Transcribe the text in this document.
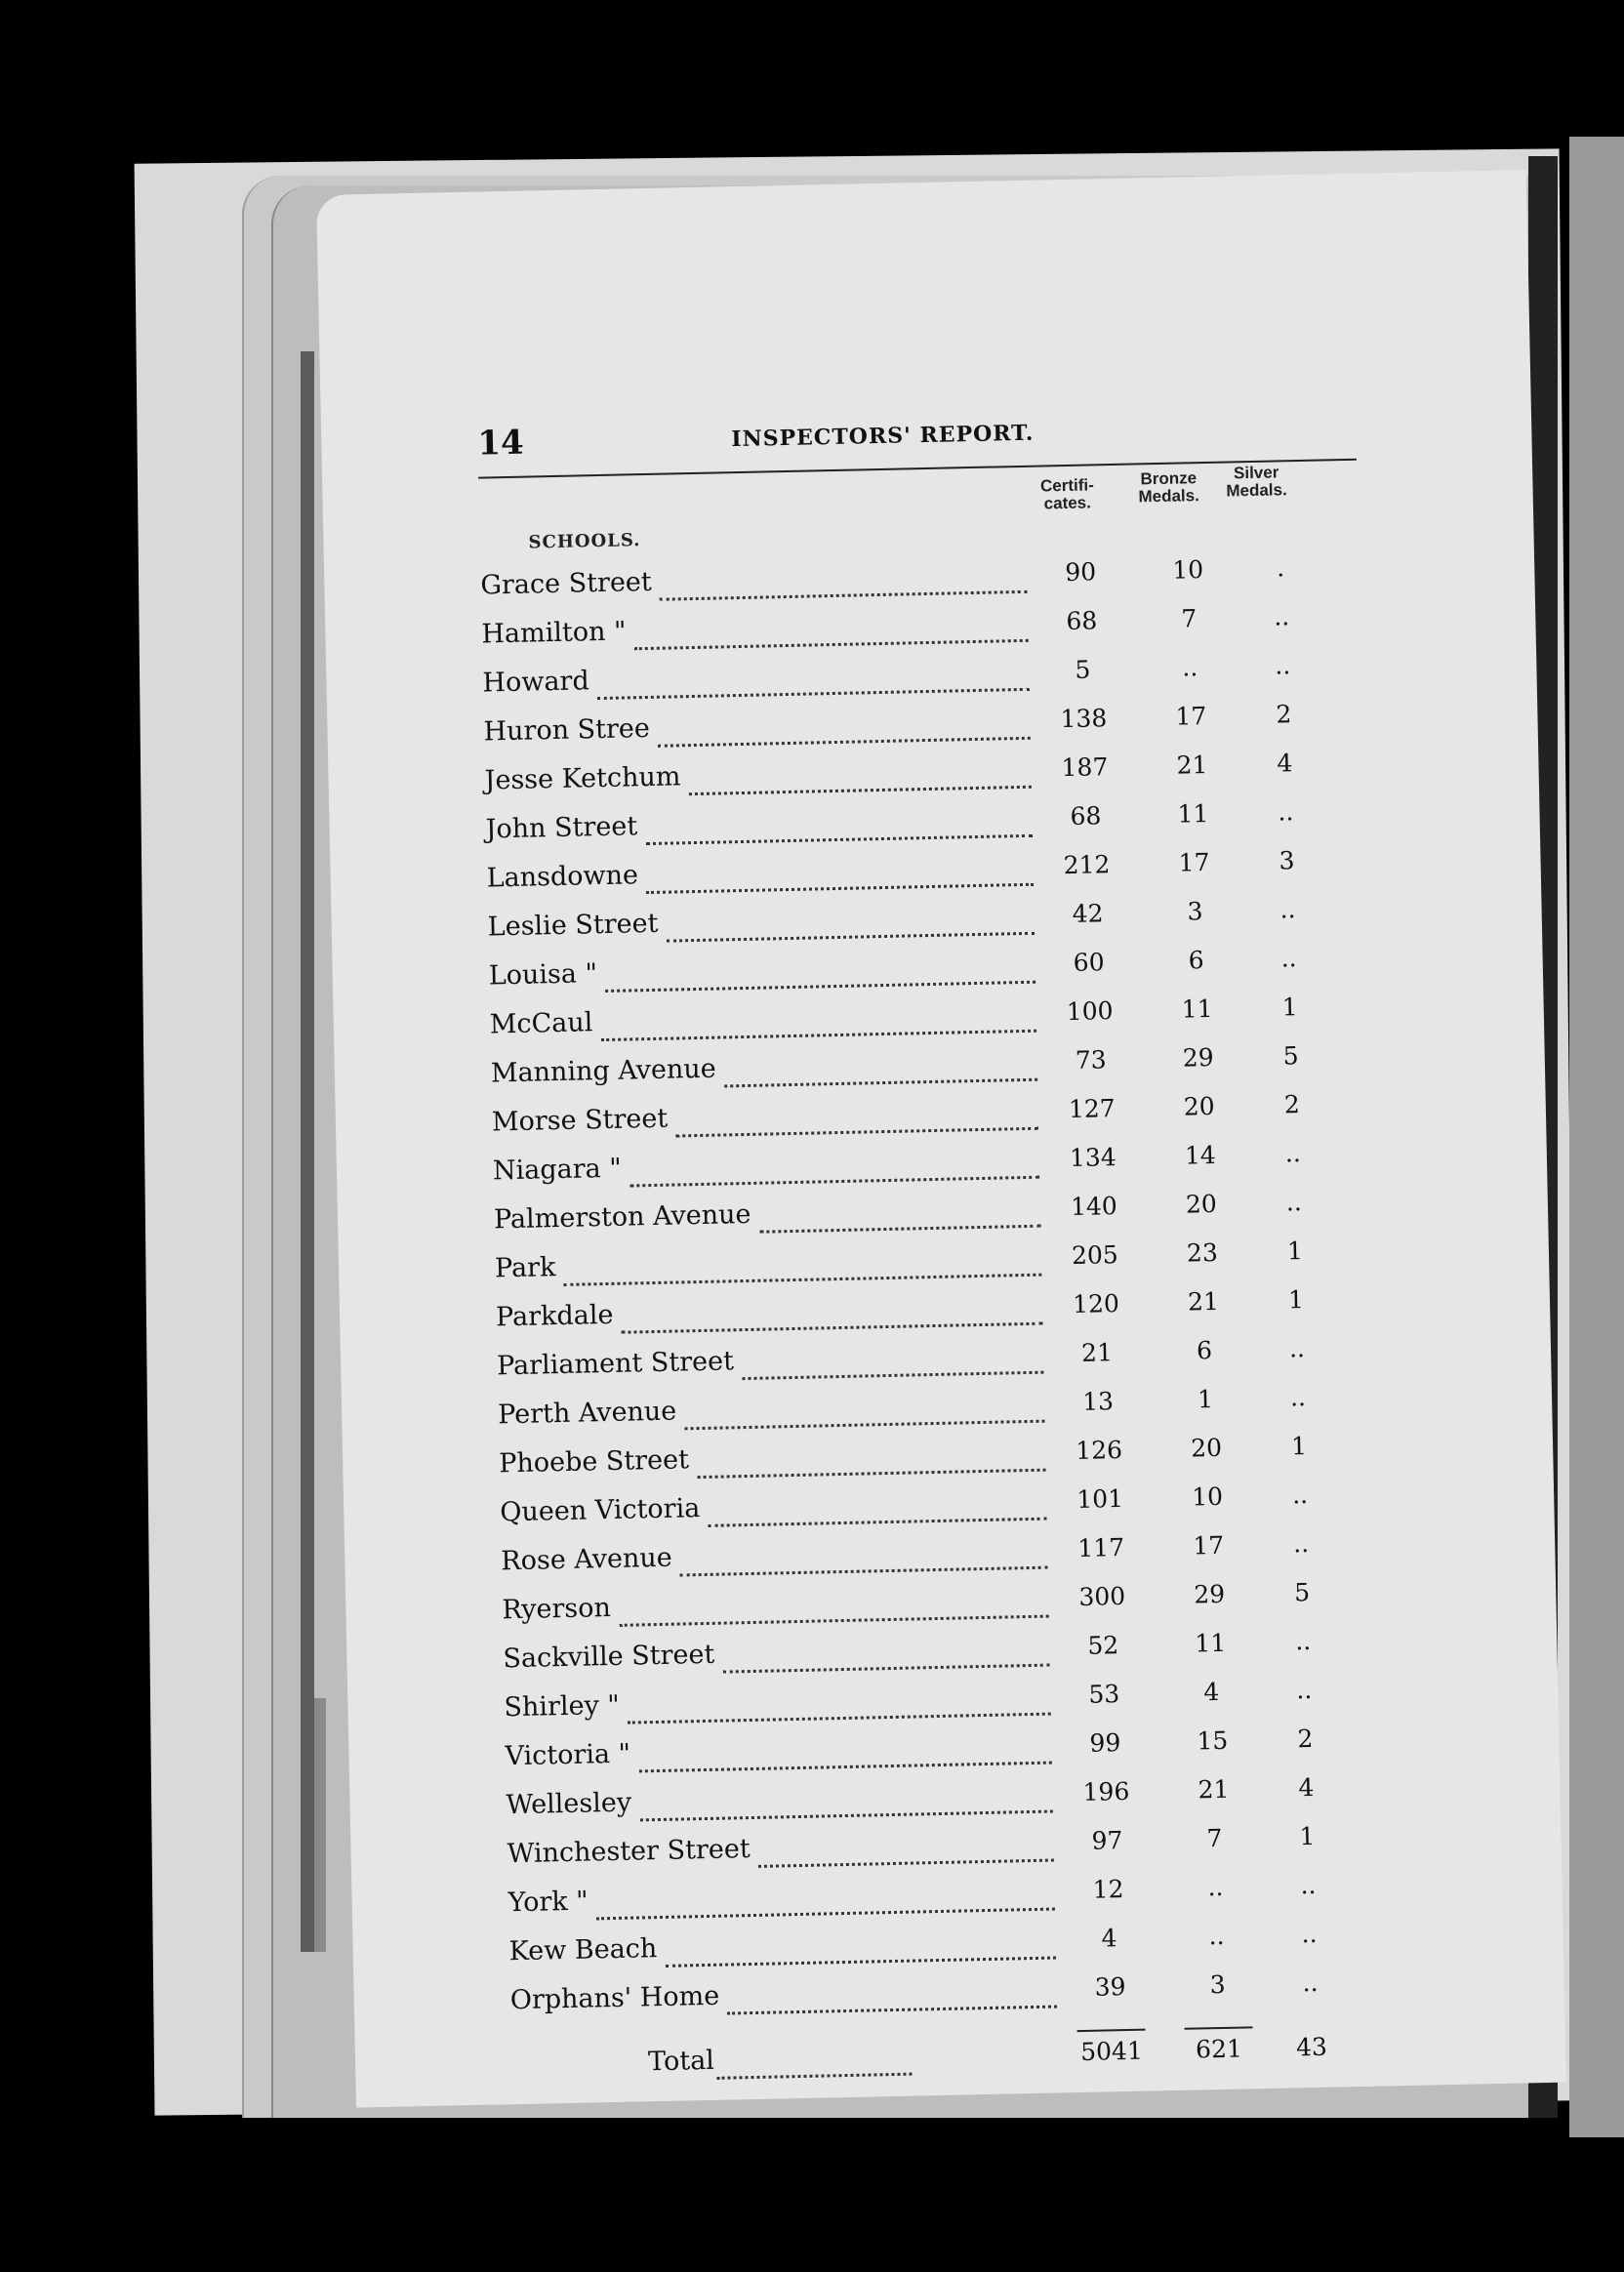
14	INSPECTORS' REPORT.
Certifi-
cates.
Bronze
Medals.
Silver
Medals.
SCHOOLS.
Grace Street	90	10	.
Hamilton "	68	7	..
Howard	5	..	..
Huron Stree	138	17	2
Jesse Ketchum	187	21	4
John Street	68	11	..
Lansdowne	212	17	3
Leslie Street	42	3	..
Louisa "	60	6	..
McCaul	100	11	1
Manning Avenue	73	29	5
Morse Street	127	20	2
Niagara "	134	14	..
Palmerston Avenue	140	20	..
Park	205	23	1
Parkdale	120	21	1
Parliament Street	21	6	..
Perth Avenue	13	1	..
Phoebe Street	126	20	1
Queen Victoria	101	10	..
Rose Avenue	117	17	..
Ryerson	300	29	5
Sackville Street	52	11	..
Shirley "	53	4	..
Victoria "	99	15	2
Wellesley	196	21	4
Winchester Street	97	7	1
York "	12	..	..
Kew Beach	4	..	..
Orphans' Home	39	3	..
Total	5041	621	43
